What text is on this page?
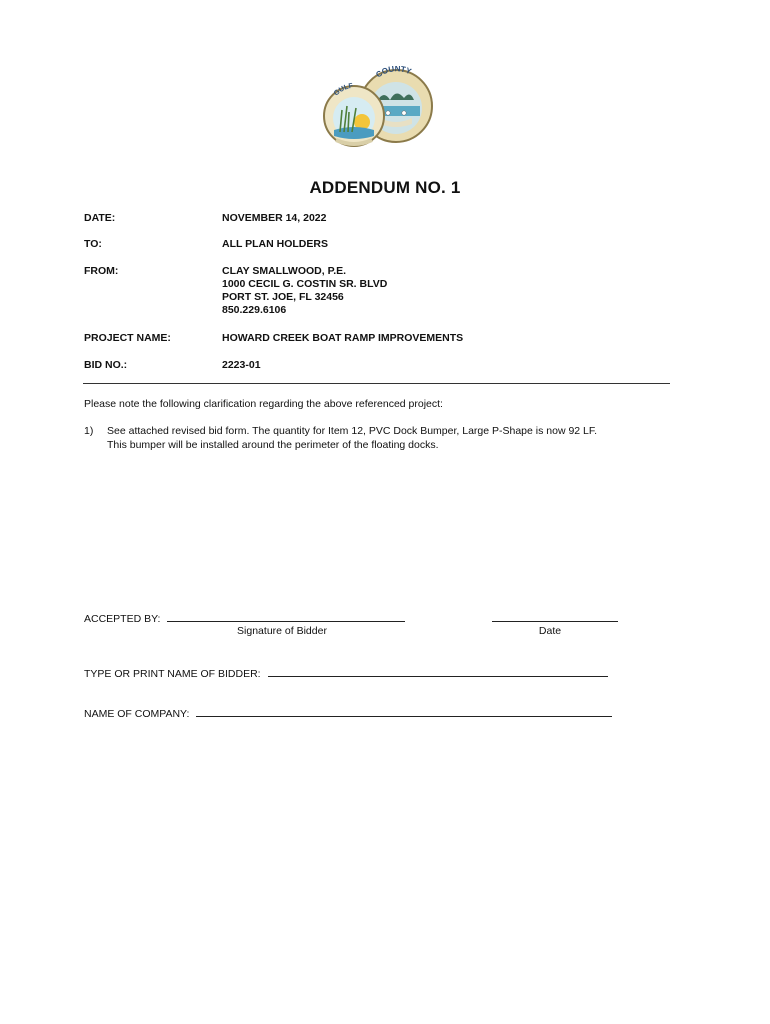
COUNTY
GULF
ADDENDUM NO. 1
DATE:	NOVEMBER 14, 2022
TO:	ALL PLAN HOLDERS
FROM:	CLAY SMALLWOOD, P.E.
1000 CECIL G. COSTIN SR. BLVD
PORT ST. JOE, FL 32456
850.229.6106
PROJECT NAME:	HOWARD CREEK BOAT RAMP IMPROVEMENTS
BID NO.:	2223-01
Please note the following clarification regarding the above referenced project:
1) See attached revised bid form. The quantity for Item 12, PVC Dock Bumper, Large P-Shape is now 92 LF.
This bumper will be installed around the perimeter of the floating docks.
ACCEPTED BY:
Signature of Bidder	Date
TYPE OR PRINT NAME OF BIDDER:
NAME OF COMPANY:
